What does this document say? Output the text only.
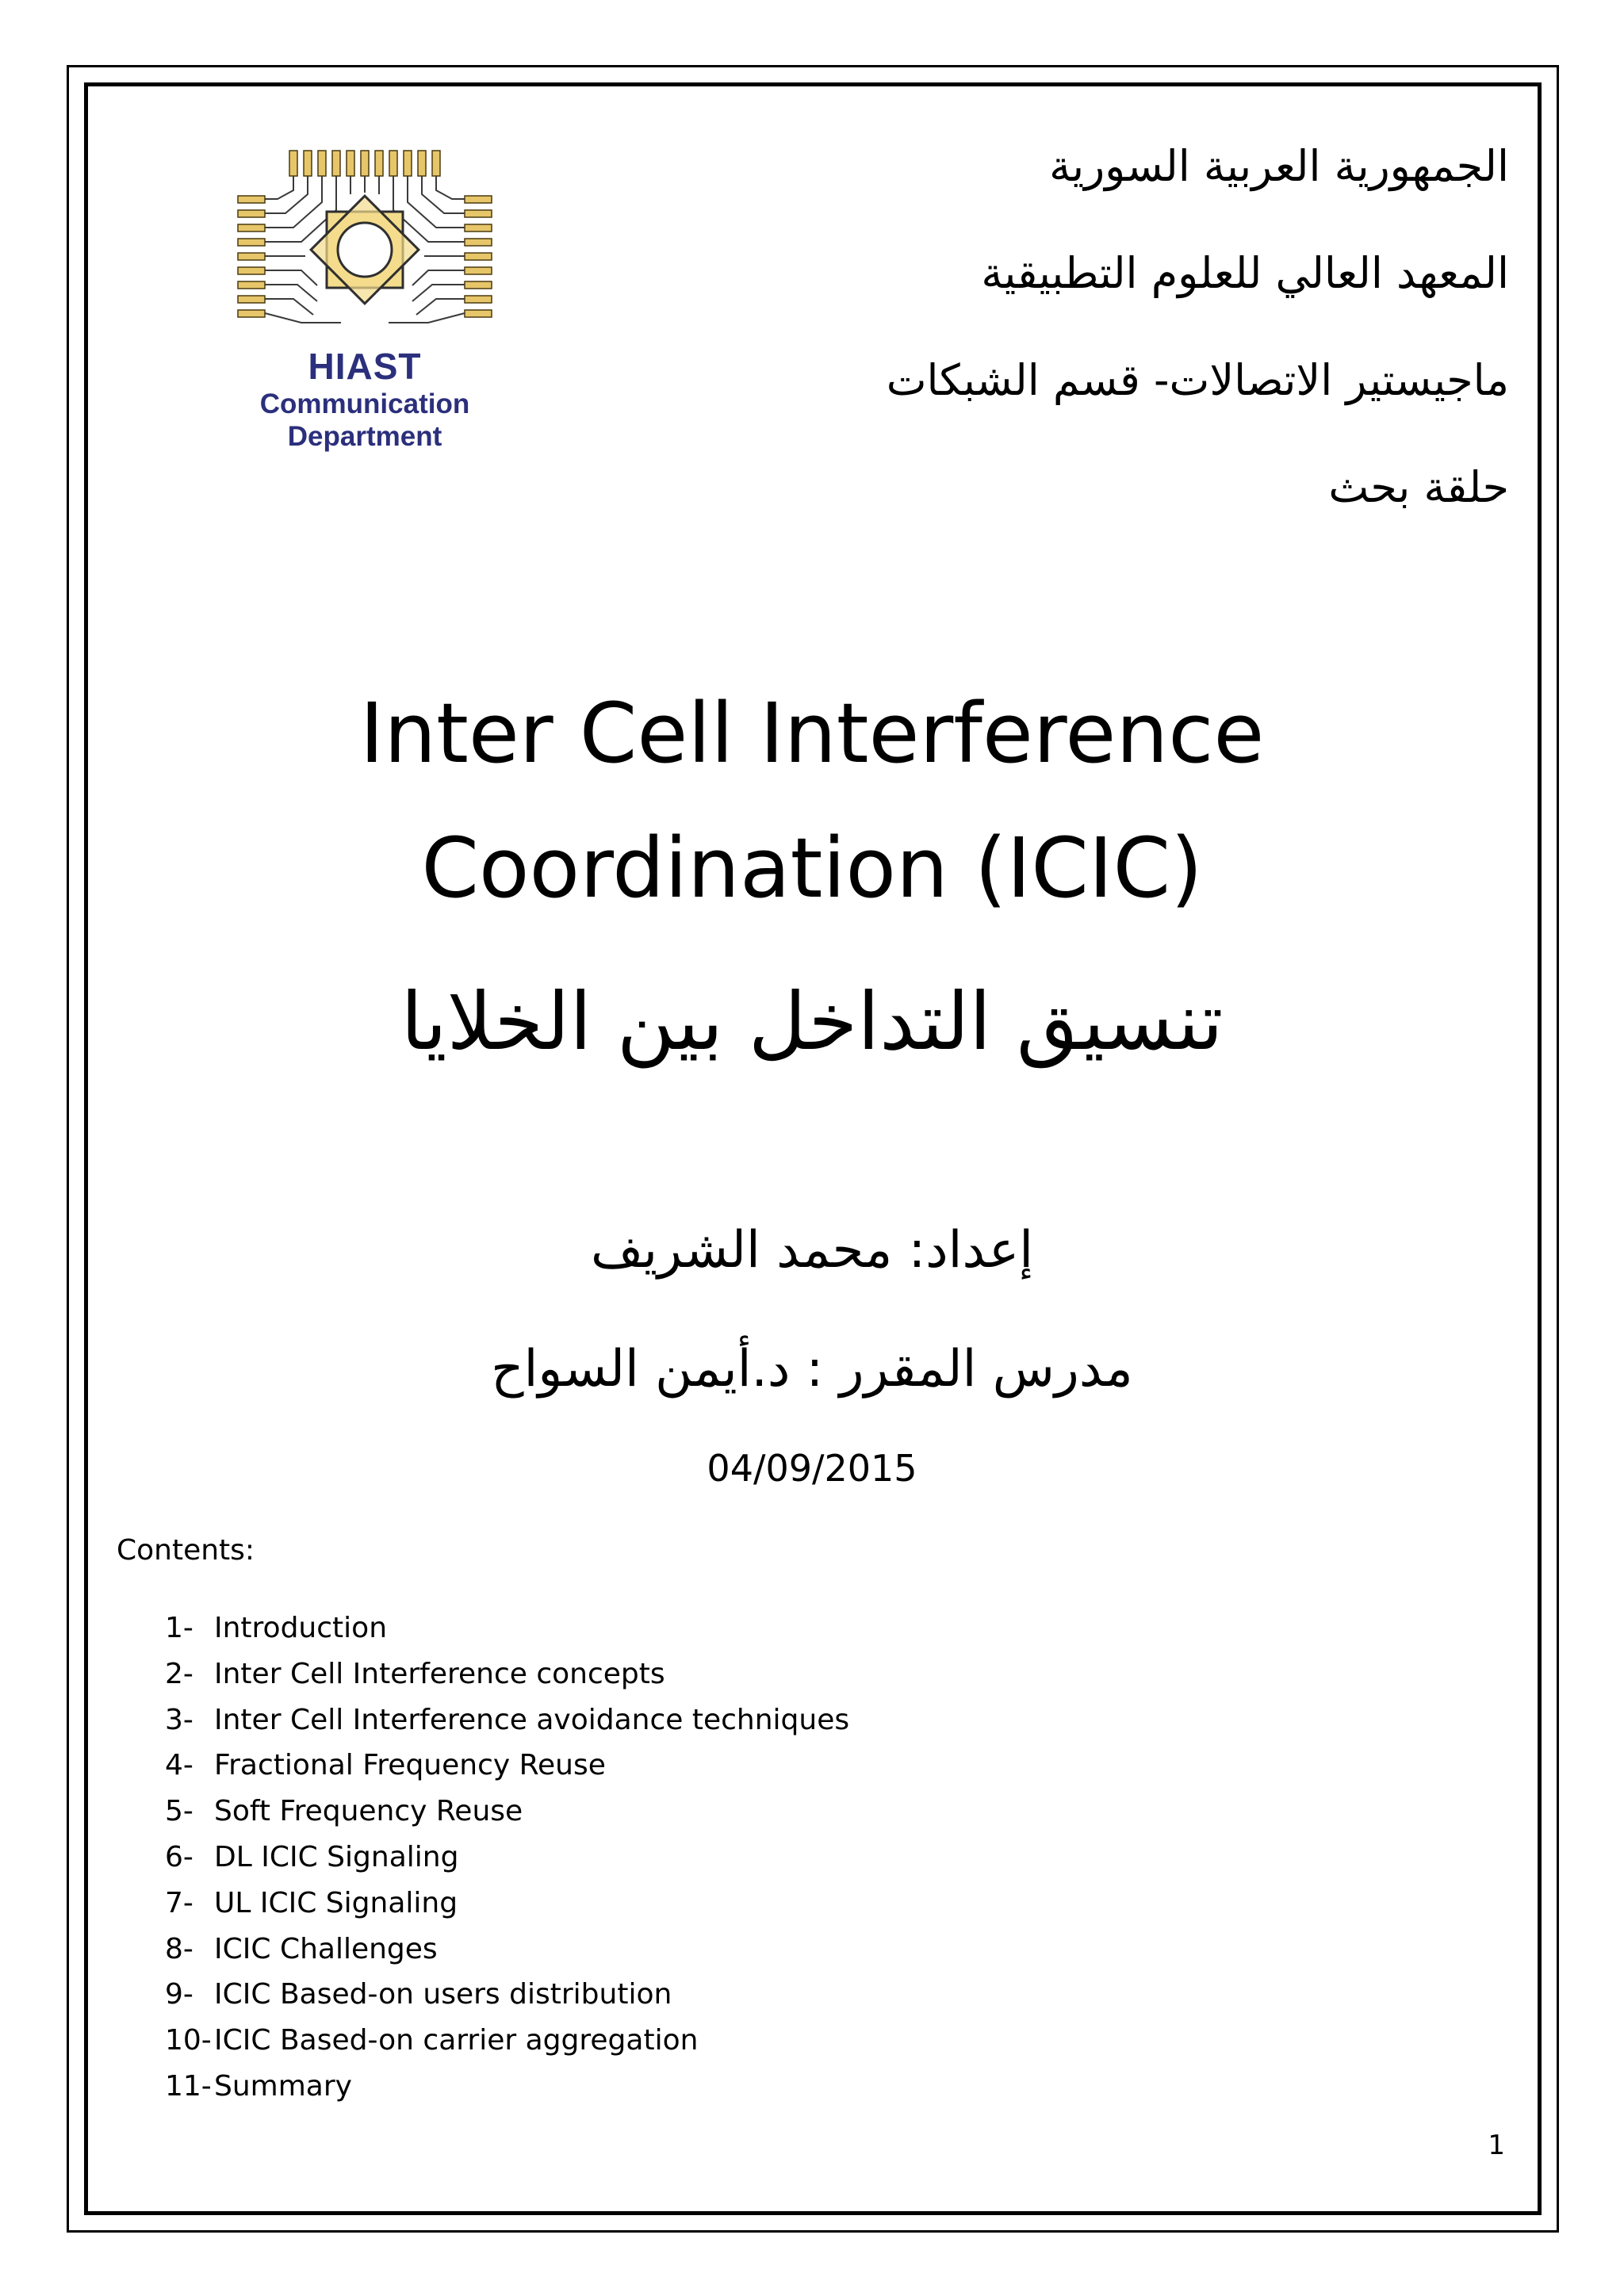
HIAST
Communication
Department
الجمهورية العربية السورية
المعهد العالي للعلوم التطبيقية
ماجيستير الاتصالات- قسم الشبكات
حلقة بحث
Inter Cell Interference
Coordination (ICIC)
تنسيق التداخل بين الخلايا
إعداد: محمد الشريف
مدرس المقرر : د.أيمن السواح
04/09/2015
Contents:
1- Introduction
2- Inter Cell Interference concepts
3- Inter Cell Interference avoidance techniques
4- Fractional Frequency Reuse
5- Soft Frequency Reuse
6- DL ICIC Signaling
7- UL ICIC Signaling
8- ICIC Challenges
9- ICIC Based-on users distribution
10-ICIC Based-on carrier aggregation
11-Summary
1
